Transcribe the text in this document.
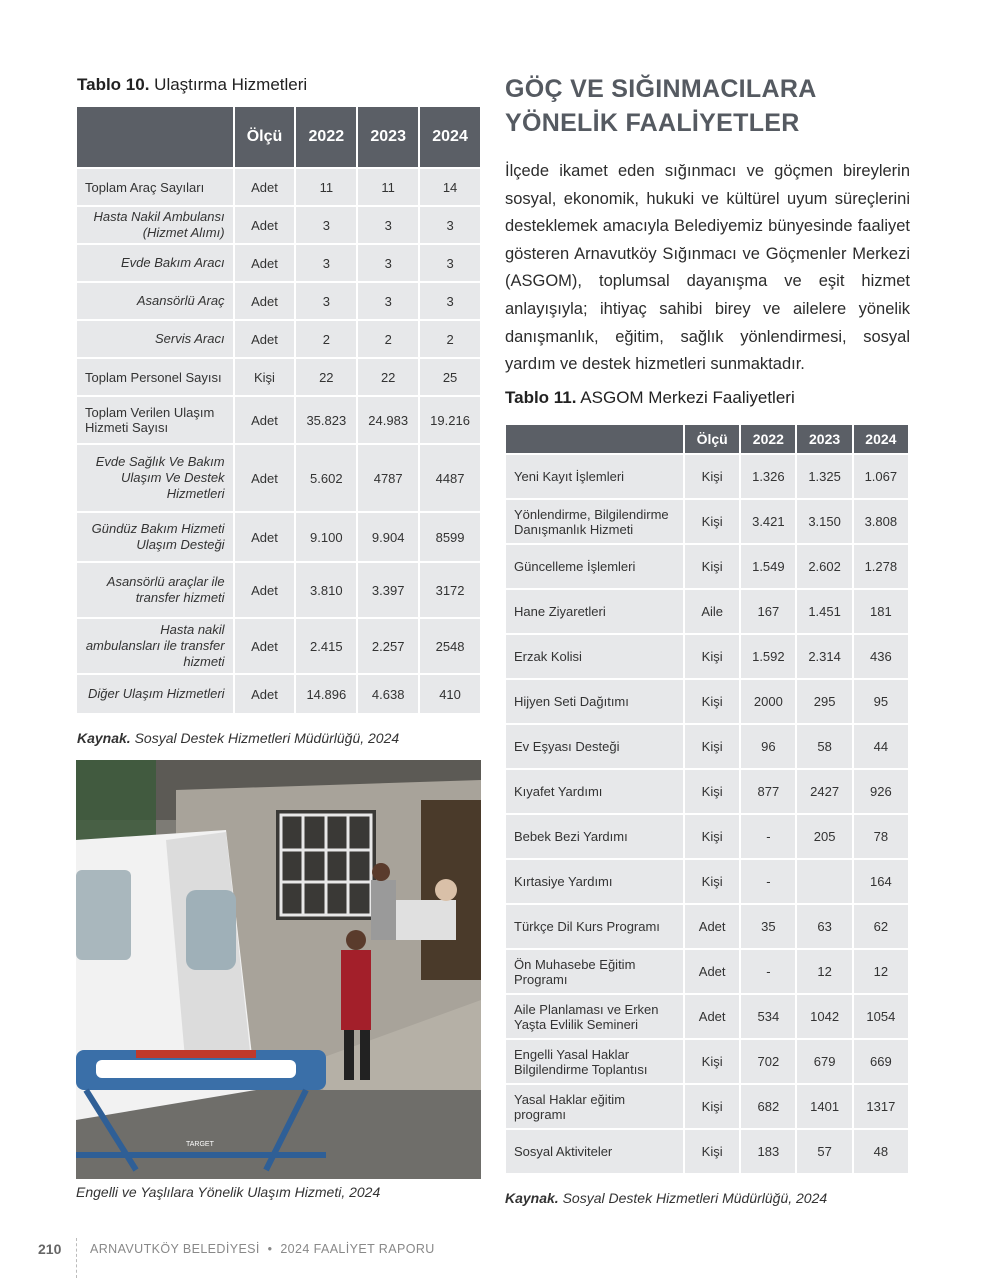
Tablo 10. Ulaştırma Hizmetleri
	Ölçü	2022	2023	2024
Toplam Araç Sayıları	Adet	11	11	14
Hasta Nakil Ambulansı (Hizmet Alımı)	Adet	3	3	3
Evde Bakım Aracı	Adet	3	3	3
Asansörlü Araç	Adet	3	3	3
Servis Aracı	Adet	2	2	2
Toplam Personel Sayısı	Kişi	22	22	25
Toplam Verilen Ulaşım Hizmeti Sayısı	Adet	35.823	24.983	19.216
Evde Sağlık Ve Bakım Ulaşım Ve Destek Hizmetleri	Adet	5.602	4787	4487
Gündüz Bakım Hizmeti Ulaşım Desteği	Adet	9.100	9.904	8599
Asansörlü araçlar ile transfer hizmeti	Adet	3.810	3.397	3172
Hasta nakil ambulansları ile transfer hizmeti	Adet	2.415	2.257	2548
Diğer Ulaşım Hizmetleri	Adet	14.896	4.638	410
Kaynak. Sosyal Destek Hizmetleri Müdürlüğü, 2024
TARGET
Engelli ve Yaşlılara Yönelik Ulaşım Hizmeti, 2024
GÖÇ VE SIĞINMACILARA
YÖNELİK FAALİYETLER
İlçede ikamet eden sığınmacı ve göçmen bireylerin sosyal, ekonomik, hukuki ve kültürel uyum süreçlerini desteklemek amacıyla Belediyemiz bünyesinde faaliyet gösteren Arnavutköy Sığınmacı ve Göçmenler Merkezi (ASGOM), toplumsal dayanışma ve eşit hizmet anlayışıyla; ihtiyaç sahibi birey ve ailelere yönelik danışmanlık, eğitim, sağlık yönlendirmesi, sosyal yardım ve destek hizmetleri sunmaktadır.
Tablo 11. ASGOM Merkezi Faaliyetleri
	Ölçü	2022	2023	2024
Yeni Kayıt İşlemleri	Kişi	1.326	1.325	1.067
Yönlendirme, Bilgilendirme Danışmanlık Hizmeti	Kişi	3.421	3.150	3.808
Güncelleme İşlemleri	Kişi	1.549	2.602	1.278
Hane Ziyaretleri	Aile	167	1.451	181
Erzak Kolisi	Kişi	1.592	2.314	436
Hijyen Seti Dağıtımı	Kişi	2000	295	95
Ev Eşyası Desteği	Kişi	96	58	44
Kıyafet Yardımı	Kişi	877	2427	926
Bebek Bezi Yardımı	Kişi	-	205	78
Kırtasiye Yardımı	Kişi	-		164
Türkçe Dil Kurs Programı	Adet	35	63	62
Ön Muhasebe Eğitim Programı	Adet	-	12	12
Aile Planlaması ve Erken Yaşta Evlilik Semineri	Adet	534	1042	1054
Engelli Yasal Haklar Bilgilendirme Toplantısı	Kişi	702	679	669
Yasal Haklar eğitim programı	Kişi	682	1401	1317
Sosyal Aktiviteler	Kişi	183	57	48
Kaynak. Sosyal Destek Hizmetleri Müdürlüğü, 2024
210 ARNAVUTKÖY BELEDİYESİ • 2024 FAALİYET RAPORU
